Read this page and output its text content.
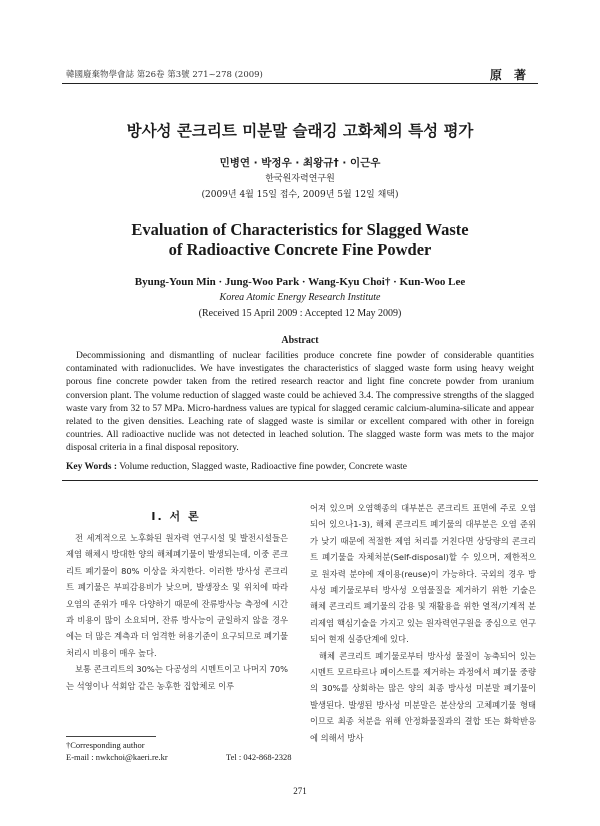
韓國廢棄物學會誌 第26卷 第3號 271~278 (2009)	原 著
방사성 콘크리트 미분말 슬래깅 고화체의 특성 평가
민병연 · 박정우 · 최왕규† · 이근우
한국원자력연구원
(2009년 4월 15일 접수, 2009년 5월 12일 채택)
Evaluation of Characteristics for Slagged Waste
of Radioactive Concrete Fine Powder
Byung-Youn Min · Jung-Woo Park · Wang-Kyu Choi† · Kun-Woo Lee
Korea Atomic Energy Research Institute
(Received 15 April 2009 : Accepted 12 May 2009)
Abstract
Decommissioning and dismantling of nuclear facilities produce concrete fine powder of considerable quantities contaminated with radionuclides. We have investigates the characteristics of slagged waste form using heavy weight porous fine concrete powder taken from the retired research reactor and light fine concrete powder from uranium conversion plant. The volume reduction of slagged waste could be achieved 3.4. The compressive strengths of the slagged waste vary from 32 to 57 MPa. Micro-hardness values are typical for slagged ceramic calcium-alumina-silicate and appear related to the given densities. Leaching rate of slagged waste is similar or excellent compared with other in foreign countries. All radioactive nuclide was not detected in leached solution. The slagged waste form was mets to the major disposal criteria in a final disposal repository.
Key Words : Volume reduction, Slagged waste, Radioactive fine powder, Concrete waste
I. 서 론

전 세계적으로 노후화된 원자력 연구시설 및 발전시설들은 제염 해체시 방대한 양의 해체폐기물이 발생되는데, 이중 콘크리트 폐기물이 80% 이상을 차지한다. 이러한 방사성 콘크리트 폐기물은 부피감용비가 낮으며, 발생장소 및 위치에 따라 오염의 준위가 매우 다양하기 때문에 잔류방사능 측정에 시간과 비용이 많이 소요되며, 잔류 방사능이 균일하지 않을 경우에는 더 많은 계측과 더 엄격한 허용기준이 요구되므로 폐기물 처리시 비용이 매우 높다.

보통 콘크리트의 30%는 다공성의 시멘트이고 나머지 70%는 석영이나 석회암 같은 농후한 집합체로 이루

어져 있으며 오염핵종의 대부분은 콘크리트 표면에 주로 오염되어 있으나1-3), 해체 콘크리트 폐기물의 대부분은 오염 준위가 낮기 때문에 적절한 제염 처리를 거친다면 상당량의 콘크리트 폐기물을 자체처분(Self-disposal)할 수 있으며, 제한적으로 원자력 분야에 재이용(reuse)이 가능하다. 국외의 경우 방사성 폐기물로부터 방사성 오염물질을 제거하기 위한 기술은 해체 콘크리트 폐기물의 감용 및 재활용을 위한 열적/기계적 분리제염 핵심기술을 가지고 있는 원자력연구원을 중심으로 연구되어 현재 실증단계에 있다.

해체 콘크리트 폐기물로부터 방사성 물질이 농축되어 있는 시멘트 모르타르나 페이스트를 제거하는 과정에서 폐기물 중량의 30%를 상회하는 많은 양의 최종 방사성 미분말 폐기물이 발생된다. 발생된 방사성 미분말은 분산상의 고체폐기물 형태이므로 최종 처분을 위해 안정화물질과의 결합 또는 화학반응에 의해서 방사

†Corresponding author
E-mail : nwkchoi@kaeri.re.kr	Tel : 042-868-2328
271
